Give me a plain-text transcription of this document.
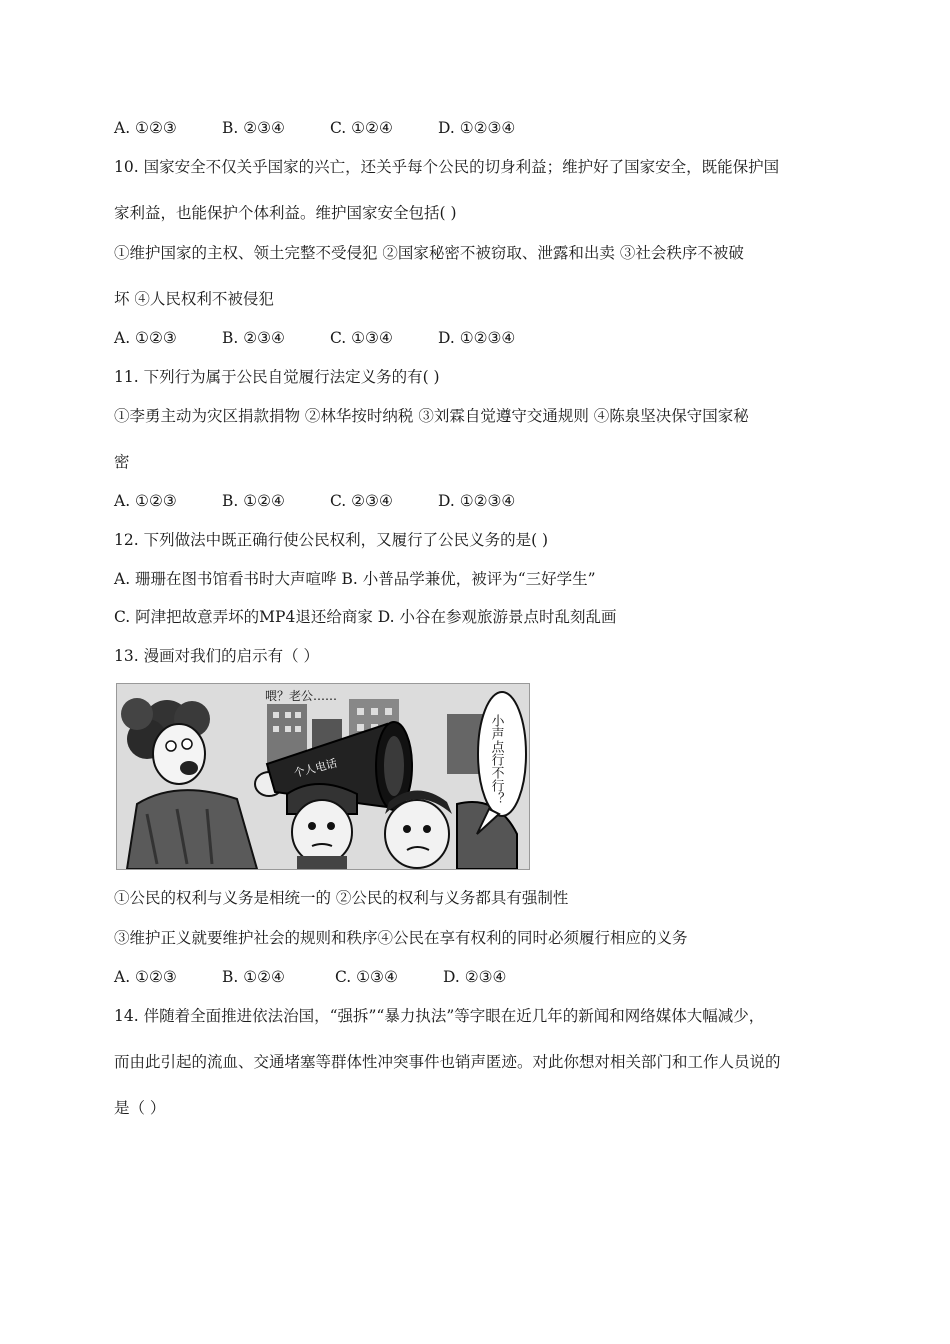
A. ①②③	B. ②③④	C. ①②④	D. ①②③④
10. 国家安全不仅关乎国家的兴亡，还关乎每个公民的切身利益；维护好了国家安全，既能保护国
家利益，也能保护个体利益。维护国家安全包括( )
①维护国家的主权、领土完整不受侵犯 ②国家秘密不被窃取、泄露和出卖 ③社会秩序不被破
坏 ④人民权利不被侵犯
A. ①②③	B. ②③④	C. ①③④	D. ①②③④
11. 下列行为属于公民自觉履行法定义务的有( )
①李勇主动为灾区捐款捐物 ②林华按时纳税 ③刘霖自觉遵守交通规则 ④陈泉坚决保守国家秘
密
A. ①②③	B. ①②④	C. ②③④	D. ①②③④
12. 下列做法中既正确行使公民权利，又履行了公民义务的是( )
A. 珊珊在图书馆看书时大声喧哗 B. 小普品学兼优，被评为“三好学生”
C. 阿津把故意弄坏的MP4退还给商家 D. 小谷在参观旅游景点时乱刻乱画
13. 漫画对我们的启示有（ ）
个人电话
喂？老公……
小声点行不行？
①公民的权利与义务是相统一的 ②公民的权利与义务都具有强制性
③维护正义就要维护社会的规则和秩序④公民在享有权利的同时必须履行相应的义务
A. ①②③	B. ①②④	C. ①③④	D. ②③④
14. 伴随着全面推进依法治国，“强拆”“暴力执法”等字眼在近几年的新闻和网络媒体大幅减少，
而由此引起的流血、交通堵塞等群体性冲突事件也销声匿迹。对此你想对相关部门和工作人员说的
是（ ）
